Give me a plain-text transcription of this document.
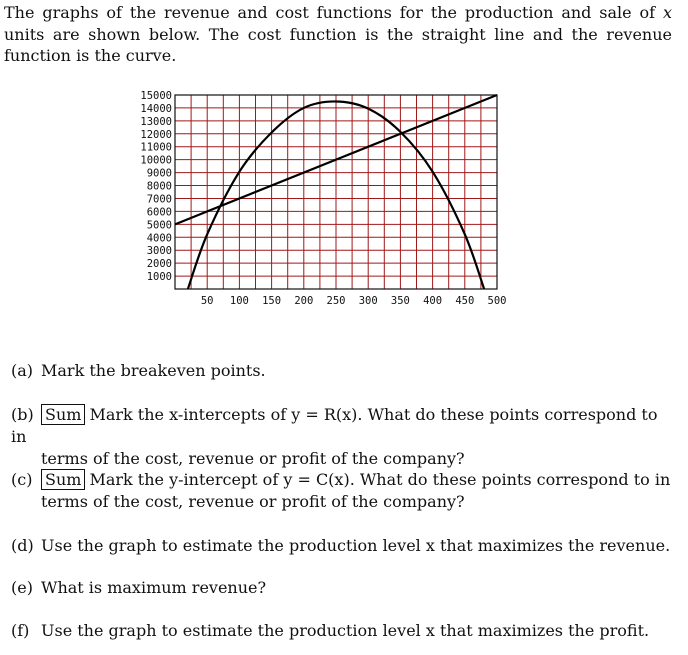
The graphs of the revenue and cost functions for the production and sale of x units are shown below. The cost function is the straight line and the revenue function is the curve.

1000
2000
3000
4000
5000
6000
7000
8000
9000
10000
11000
12000
13000
14000
15000
50 100 150 200 250 300 350 400 450 500

(a) Mark the breakeven points.

(b) Sum Mark the x-intercepts of y = R(x). What do these points correspond to in
terms of the cost, revenue or profit of the company?

(c) Sum Mark the y-intercept of y = C(x). What do these points correspond to in
terms of the cost, revenue or profit of the company?

(d) Use the graph to estimate the production level x that maximizes the revenue.

(e) What is maximum revenue?

(f) Use the graph to estimate the production level x that maximizes the profit.
